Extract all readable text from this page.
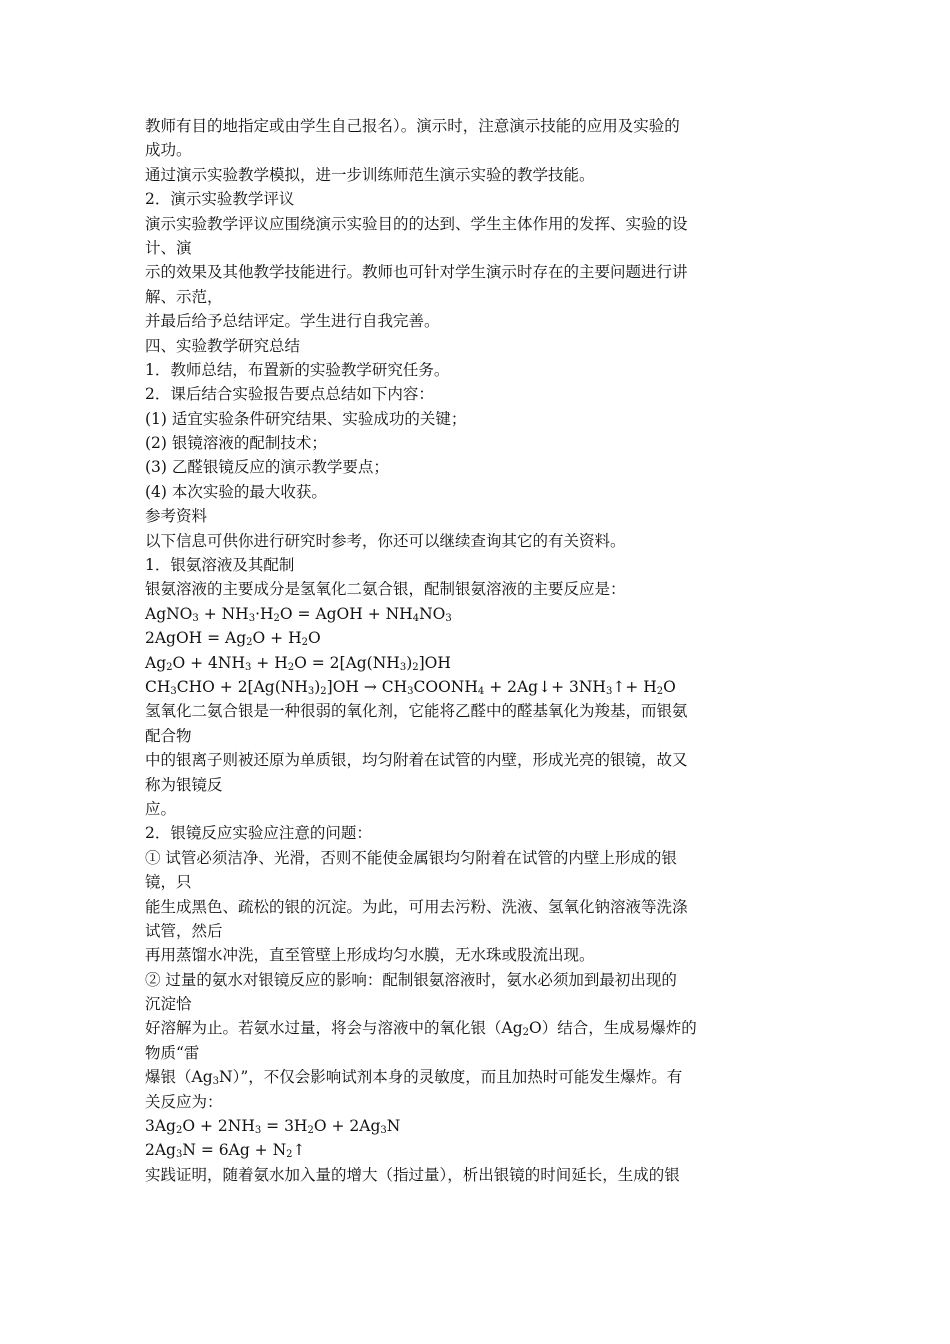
教师有目的地指定或由学生自己报名）。演示时，注意演示技能的应用及实验的
成功。
通过演示实验教学模拟，进一步训练师范生演示实验的教学技能。
2．演示实验教学评议
演示实验教学评议应围绕演示实验目的的达到、学生主体作用的发挥、实验的设
计、演
示的效果及其他教学技能进行。教师也可针对学生演示时存在的主要问题进行讲
解、示范，
并最后给予总结评定。学生进行自我完善。
四、实验教学研究总结
1．教师总结，布置新的实验教学研究任务。
2．课后结合实验报告要点总结如下内容：
(1) 适宜实验条件研究结果、实验成功的关键；
(2) 银镜溶液的配制技术；
(3) 乙醛银镜反应的演示教学要点；
(4) 本次实验的最大收获。
参考资料
以下信息可供你进行研究时参考，你还可以继续查询其它的有关资料。
1．银氨溶液及其配制
银氨溶液的主要成分是氢氧化二氨合银，配制银氨溶液的主要反应是：
AgNO$_3$ + $NH_3\cdot H_2O$ = AgOH + $NH_4NO_3$
2AgOH = $Ag_2O + H_2O$
$Ag_2O + 4NH_3 + H_2O = 2[Ag(NH_3)_2]OH$
$CH_3CHO + 2[Ag(NH_3)_2]OH$ → $CH_3COONH_4$ + 2Ag↓+ $3NH_3↑+ H_2O$
氢氧化二氨合银是一种很弱的氧化剂，它能将乙醛中的醛基氧化为羧基，而银氨
配合物
中的银离子则被还原为单质银，均匀附着在试管的内壁，形成光亮的银镜，故又
称为银镜反
应。
2．银镜反应实验应注意的问题：
① 试管必须洁净、光滑，否则不能使金属银均匀附着在试管的内壁上形成的银
镜，只
能生成黑色、疏松的银的沉淀。为此，可用去污粉、洗液、氢氧化钠溶液等洗涤
试管，然后
再用蒸馏水冲洗，直至管壁上形成均匀水膜，无水珠或股流出现。
② 过量的氨水对银镜反应的影响：配制银氨溶液时，氨水必须加到最初出现的
沉淀恰
好溶解为止。若氨水过量，将会与溶液中的氧化银$(Ag_2O)$结合，生成易爆炸的
物质“雷
爆银$(Ag_3N)$”，不仅会影响试剂本身的灵敏度，而且加热时可能发生爆炸。有
关反应为：
$3Ag_2O + 2NH_3 = 3H_2O + 2Ag_3N$
$2Ag_3N = 6Ag$ + $N_2↑$
实践证明，随着氨水加入量的增大（指过量），析出银镜的时间延长，生成的银
